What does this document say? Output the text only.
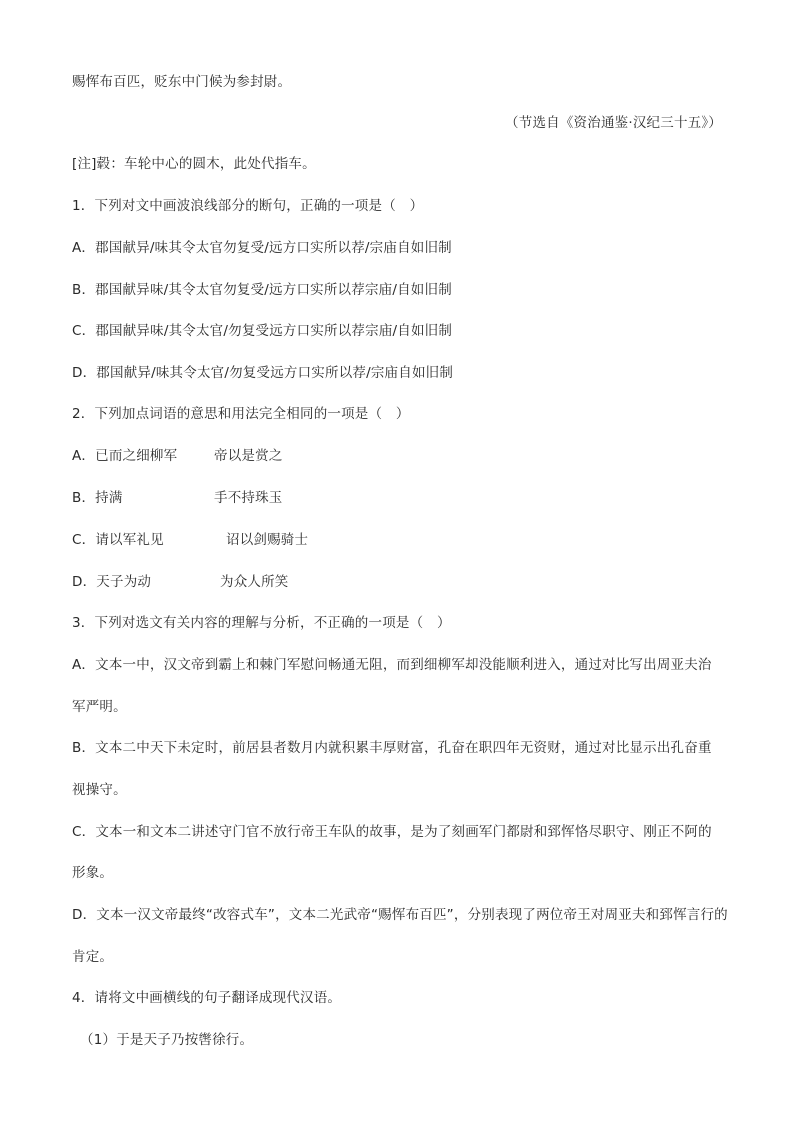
赐恽布百匹，贬东中门候为参封尉。
（节选自《资治通鉴·汉纪三十五》）
[注]毂：车轮中心的圆木，此处代指车。
1．下列对文中画波浪线部分的断句，正确的一项是（　）
A．郡国献异/味其令太官勿复受/远方口实所以荐/宗庙自如旧制
B．郡国献异味/其令太官勿复受/远方口实所以荐宗庙/自如旧制
C．郡国献异味/其令太官/勿复受远方口实所以荐宗庙/自如旧制
D．郡国献异/味其令太官/勿复受远方口实所以荐/宗庙自如旧制
2．下列加点词语的意思和用法完全相同的一项是（　）
A．已而之细柳军	帝以是赏之
B．持满	手不持珠玉
C．请以军礼见	诏以剑赐骑士
D．天子为动	为众人所笑
3．下列对选文有关内容的理解与分析，不正确的一项是（　）
A．文本一中，汉文帝到霸上和棘门军慰问畅通无阻，而到细柳军却没能顺利进入，通过对比写出周亚夫治
军严明。
B．文本二中天下未定时，前居县者数月内就积累丰厚财富，孔奋在职四年无资财，通过对比显示出孔奋重
视操守。
C．文本一和文本二讲述守门官不放行帝王车队的故事，是为了刻画军门都尉和郅恽恪尽职守、刚正不阿的
形象。
D．文本一汉文帝最终“改容式车”，文本二光武帝“赐恽布百匹”，分别表现了两位帝王对周亚夫和郅恽言行的
肯定。
4．请将文中画横线的句子翻译成现代汉语。
（1）于是天子乃按辔徐行。
